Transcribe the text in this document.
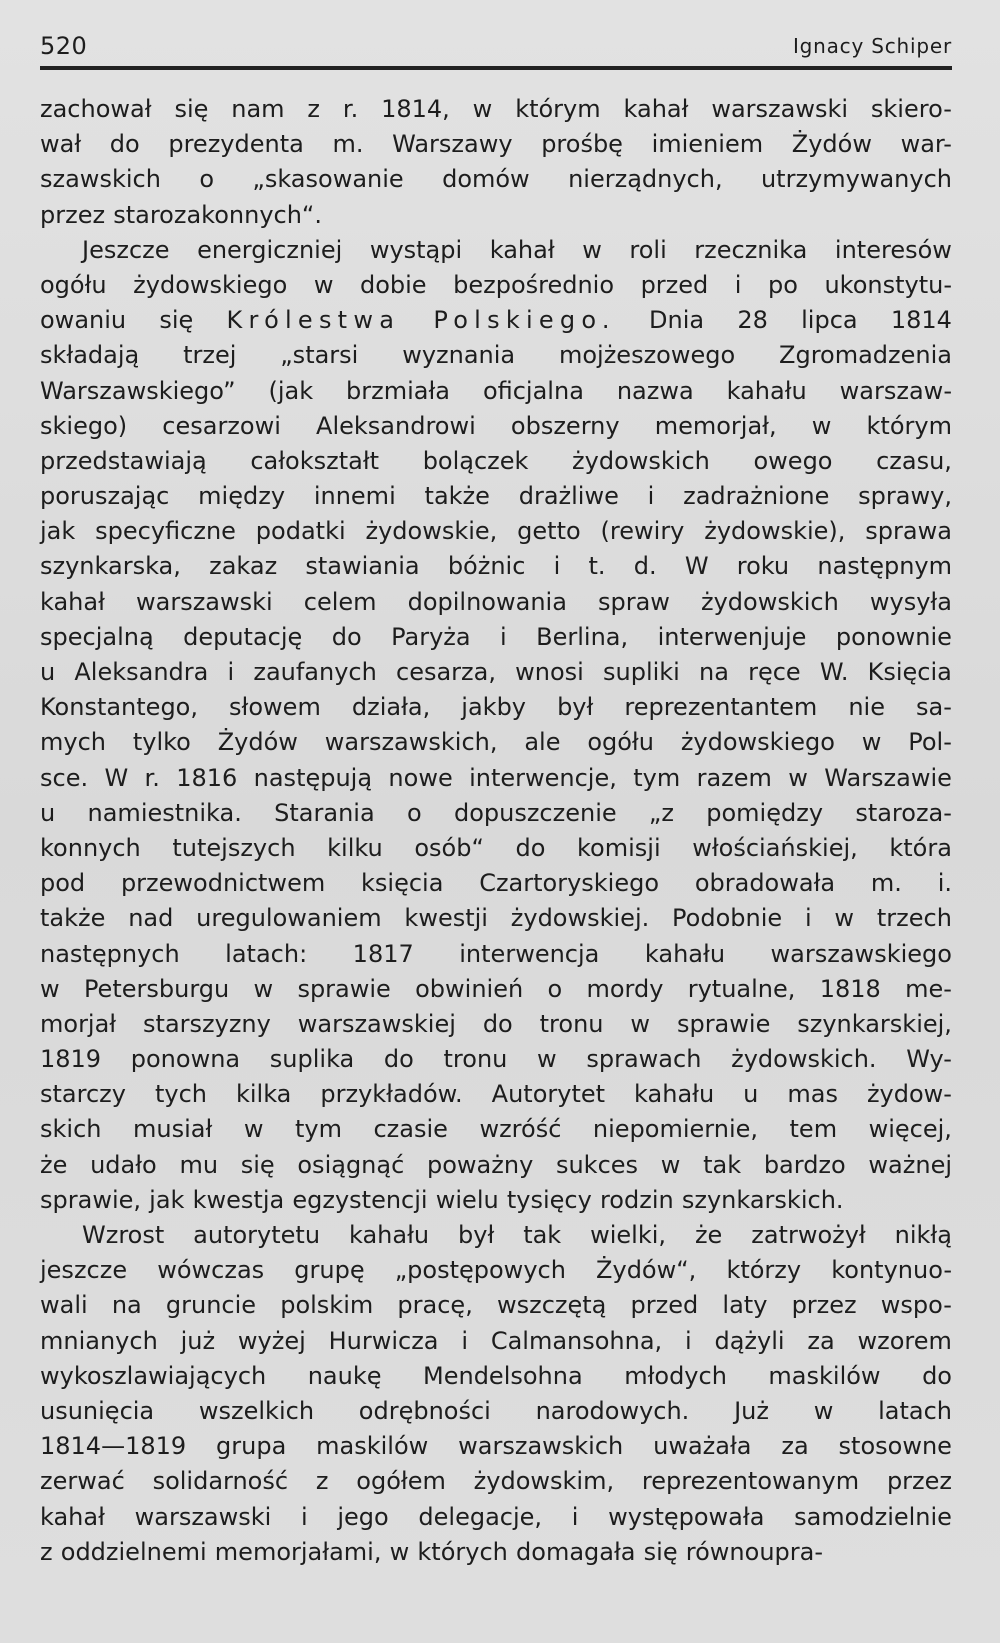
520	Ignacy Schiper
zachował się nam z r. 1814, w którym kahał warszawski skiero-
wał do prezydenta m. Warszawy prośbę imieniem Żydów war-
szawskich o „skasowanie domów nierządnych, utrzymywanych
przez starozakonnych“.
Jeszcze energiczniej wystąpi kahał w roli rzecznika interesów
ogółu żydowskiego w dobie bezpośrednio przed i po ukonstytu-
owaniu się Królestwa Polskiego. Dnia 28 lipca 1814
składają trzej „starsi wyznania mojżeszowego Zgromadzenia
Warszawskiego” (jak brzmiała oficjalna nazwa kahału warszaw-
skiego) cesarzowi Aleksandrowi obszerny memorjał, w którym
przedstawiają całokształt bolączek żydowskich owego czasu,
poruszając między innemi także drażliwe i zadrażnione sprawy,
jak specyficzne podatki żydowskie, getto (rewiry żydowskie), sprawa
szynkarska, zakaz stawiania bóżnic i t. d. W roku następnym
kahał warszawski celem dopilnowania spraw żydowskich wysyła
specjalną deputację do Paryża i Berlina, interwenjuje ponownie
u Aleksandra i zaufanych cesarza, wnosi supliki na ręce W. Księcia
Konstantego, słowem działa, jakby był reprezentantem nie sa-
mych tylko Żydów warszawskich, ale ogółu żydowskiego w Pol-
sce. W r. 1816 następują nowe interwencje, tym razem w Warszawie
u namiestnika. Starania o dopuszczenie „z pomiędzy staroza-
konnych tutejszych kilku osób“ do komisji włościańskiej, która
pod przewodnictwem księcia Czartoryskiego obradowała m. i.
także nad uregulowaniem kwestji żydowskiej. Podobnie i w trzech
następnych latach: 1817 interwencja kahału warszawskiego
w Petersburgu w sprawie obwinień o mordy rytualne, 1818 me-
morjał starszyzny warszawskiej do tronu w sprawie szynkarskiej,
1819 ponowna suplika do tronu w sprawach żydowskich. Wy-
starczy tych kilka przykładów. Autorytet kahału u mas żydow-
skich musiał w tym czasie wzróść niepomiernie, tem więcej,
że udało mu się osiągnąć poważny sukces w tak bardzo ważnej
sprawie, jak kwestja egzystencji wielu tysięcy rodzin szynkarskich.
Wzrost autorytetu kahału był tak wielki, że zatrwożył nikłą
jeszcze wówczas grupę „postępowych Żydów“, którzy kontynuo-
wali na gruncie polskim pracę, wszczętą przed laty przez wspo-
mnianych już wyżej Hurwicza i Calmansohna, i dążyli za wzorem
wykoszlawiających naukę Mendelsohna młodych maskilów do
usunięcia wszelkich odrębności narodowych. Już w latach
1814—1819 grupa maskilów warszawskich uważała za stosowne
zerwać solidarność z ogółem żydowskim, reprezentowanym przez
kahał warszawski i jego delegacje, i występowała samodzielnie
z oddzielnemi memorjałami, w których domagała się równoupra-
